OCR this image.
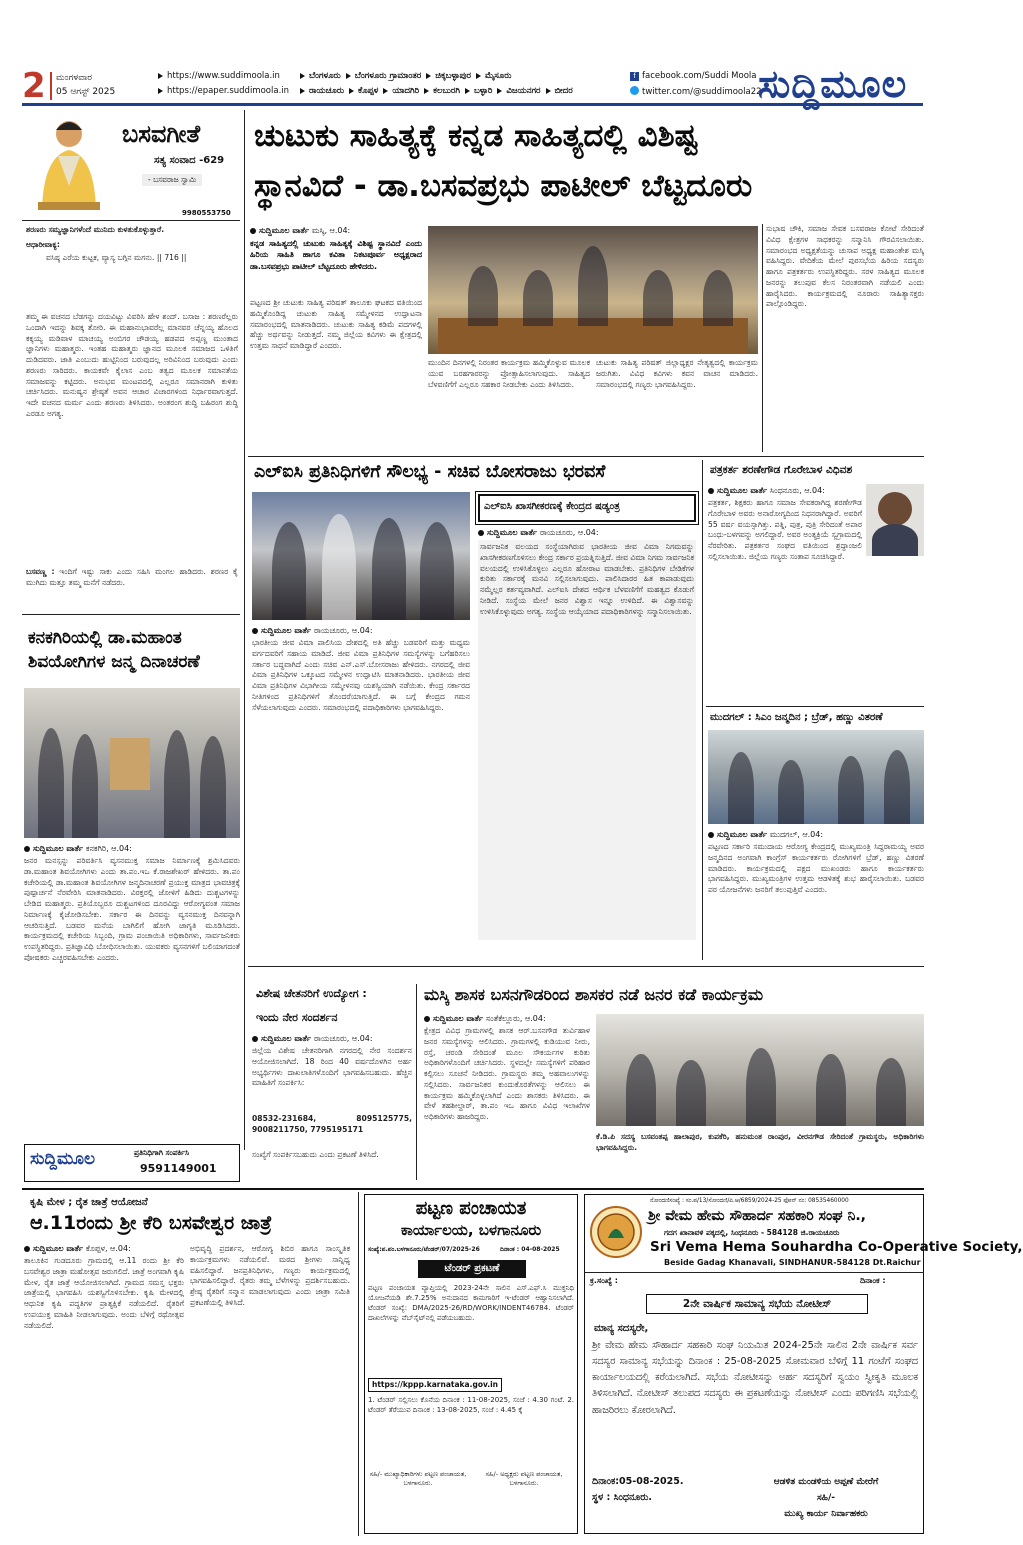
2 ಮಂಗಳವಾರ
05 ಆಗಸ್ಟ್ 2025
https://www.suddimoola.in
https://epaper.suddimoola.in
ಬೆಂಗಳೂರು ಬೆಂಗಳೂರು ಗ್ರಾಮಾಂತರ ಚಿಕ್ಕಬಳ್ಳಾಪುರ ಮೈಸೂರು
ರಾಯಚೂರು ಕೊಪ್ಪಳ ಯಾದಗಿರಿ ಕಲಬುರಗಿ ಬಳ್ಳಾರಿ ವಿಜಯನಗರ ಬೀದರ
f facebook.com/Suddi Moola
twitter.com/@suddimoola22
ಸುದ್ದಿಮೂಲ
ಬಸವಗೀತೆ
ಸತ್ಯ ಸಂವಾದ -629
- ಬಸವರಾಜ ಸ್ವಾಮಿ
9980553750
ಶರಣರು ಸಮ್ಯಜ್ಞಾನಿಗಳೆಂದೆ ಮುನಿದು ಕುಳತುಕೊಳ್ಳುತ್ತಾರೆ.
ಆಧಾರೀವಾಕ್ಯ:
ವಸಿಷ್ಠ ಎರೆಯ ಕುಟ್ಟಕ, ವ್ಯಾಸ್ಯ ಬಗ್ಗಿನ ಮಗನು. || 716 ||
ತಮ್ಮ ಈ ವಚನದ ಬೆಡಗನ್ನು ದಯವಿಟ್ಟು ವಿವರಿಸಿ ಹೇಳ ಶಂದ್. ಬಸಾಜ : ಶರಣರೆಲ್ಲರು ಒಂದಾಗಿ ಇದನ್ನು ಶಿವಕ್ಕ ತೋರಿ. ಈ ಮಹಾನುಭಾವರೆಲ್ಲ ಮಾನವರ ಚೆನ್ನಯ್ಯ ಹೊಲದ ಕಕ್ಕಯ್ಯ ಮಡಿವಾಳ ಮಾಚಯ್ಯ ಅಂಬಿಗರ ಚೌಡಯ್ಯ ಹಡಪದ ಅಪ್ಪಣ್ಣ ಮುಂತಾದ ಜ್ಞಾನಿಗಳು ಮಹಾತ್ಮರು. ಇಂತಹ ಮಹಾತ್ಮರು ಜ್ಞಾನದ ಮೂಲಕ ಸಮಾಜದ ಒಳಿತಿಗೆ ದುಡಿದವರು. ಜಾತಿ ಎಂಬುದು ಹುಟ್ಟಿನಿಂದ ಬರುವುದಲ್ಲ ಅರಿವಿನಿಂದ ಬರುವುದು ಎಂದು ಶರಣರು ಸಾರಿದರು. ಕಾಯಕವೇ ಕೈಲಾಸ ಎಂಬ ತತ್ವದ ಮೂಲಕ ಸಮಾನತೆಯ ಸಮಾಜವನ್ನು ಕಟ್ಟಿದರು. ಅನುಭವ ಮಂಟಪದಲ್ಲಿ ಎಲ್ಲರೂ ಸಮಾನರಾಗಿ ಕುಳಿತು ಚರ್ಚಿಸಿದರು. ಮನುಷ್ಯನ ಶ್ರೇಷ್ಠತೆ ಅವನ ಆಚಾರ ವಿಚಾರಗಳಿಂದ ನಿರ್ಧಾರವಾಗುತ್ತದೆ. ಇದೇ ವಚನದ ಮರ್ಮ ಎಂದು ಶರಣರು ತಿಳಿಸಿದರು. ಅಂತರಂಗ ಶುದ್ಧಿ ಬಹಿರಂಗ ಶುದ್ಧಿ ಎರಡೂ ಅಗತ್ಯ.
ಬಸವಣ್ಣ : ಇಂದಿಗೆ ಇಷ್ಟು ಸಾಕು ಎಂದು ಸಹಿಸಿ ಮಂಗಲ ಹಾಡಿದರು. ಶರಣರ ಕೈ ಮುಗಿದು ಮತ್ತೂ ತಮ್ಮ ಮನೆಗೆ ನಡೆದರು.
ಚುಟುಕು ಸಾಹಿತ್ಯಕ್ಕೆ ಕನ್ನಡ ಸಾಹಿತ್ಯದಲ್ಲಿ ವಿಶಿಷ್ಟ
ಸ್ಥಾನವಿದೆ - ಡಾ.ಬಸವಪ್ರಭು ಪಾಟೀಲ್ ಬೆಟ್ಟದೂರು
ಸುದ್ದಿಮೂಲ ವಾರ್ತೆ ಮಸ್ಕಿ, ಆ.04:
ಕನ್ನಡ ಸಾಹಿತ್ಯದಲ್ಲಿ ಚುಟುಕು ಸಾಹಿತ್ಯಕ್ಕೆ ವಿಶಿಷ್ಟ ಸ್ಥಾನವಿದೆ ಎಂದು ಹಿರಿಯ ಸಾಹಿತಿ ಹಾಗೂ ಕವಿತಾ ನಿಕಟಪೂರ್ವ ಅಧ್ಯಕ್ಷರಾದ ಡಾ.ಬಸವಪ್ರಭು ಪಾಟೀಲ್ ಬೆಟ್ಟದೂರು ಹೇಳಿದರು.
ಪಟ್ಟಣದ ಶ್ರೀ ಚುಟುಕು ಸಾಹಿತ್ಯ ಪರಿಷತ್ ತಾಲೂಕು ಘಟಕದ ವತಿಯಿಂದ ಹಮ್ಮಿಕೊಂಡಿದ್ದ ಚುಟುಕು ಸಾಹಿತ್ಯ ಸಮ್ಮೇಳನದ ಉದ್ಘಾಟನಾ ಸಮಾರಂಭದಲ್ಲಿ ಮಾತನಾಡಿದರು. ಚುಟುಕು ಸಾಹಿತ್ಯ ಕಡಿಮೆ ಪದಗಳಲ್ಲಿ ಹೆಚ್ಚು ಅರ್ಥವನ್ನು ನೀಡುತ್ತದೆ. ನಮ್ಮ ಜಿಲ್ಲೆಯ ಕವಿಗಳು ಈ ಕ್ಷೇತ್ರದಲ್ಲಿ ಉತ್ತಮ ಸಾಧನೆ ಮಾಡಿದ್ದಾರೆ ಎಂದರು.
ಮುಂದಿನ ದಿನಗಳಲ್ಲಿ ನಿರಂತರ ಕಾರ್ಯಕ್ರಮ ಹಮ್ಮಿಕೊಳ್ಳುವ ಮೂಲಕ ಯುವ ಬರಹಗಾರರನ್ನು ಪ್ರೋತ್ಸಾಹಿಸಲಾಗುವುದು. ಸಾಹಿತ್ಯದ ಬೆಳವಣಿಗೆಗೆ ಎಲ್ಲರೂ ಸಹಕಾರ ನೀಡಬೇಕು ಎಂದು ತಿಳಿಸಿದರು.
ಚುಟುಕು ಸಾಹಿತ್ಯ ಪರಿಷತ್ ಜಿಲ್ಲಾಧ್ಯಕ್ಷರ ನೇತೃತ್ವದಲ್ಲಿ ಕಾರ್ಯಕ್ರಮ ಜರುಗಿತು. ವಿವಿಧ ಕವಿಗಳು ಕವನ ವಾಚನ ಮಾಡಿದರು. ಸಮಾರಂಭದಲ್ಲಿ ಗಣ್ಯರು ಭಾಗವಹಿಸಿದ್ದರು.
ಸುಭಾಷ ಚೌಕಿ, ಸಮಾಜ ಸೇವಕ ಬಸವರಾಜ ಕೋಟೆ ಸೇರಿದಂತೆ ವಿವಿಧ ಕ್ಷೇತ್ರಗಳ ಸಾಧಕರನ್ನು ಸನ್ಮಾನಿಸಿ ಗೌರವಿಸಲಾಯಿತು. ಸಮಾರಂಭದ ಅಧ್ಯಕ್ಷತೆಯನ್ನು ಚುಸಾಪ ಅಧ್ಯಕ್ಷ ಮಹಾಂತೇಶ ಮಸ್ಕಿ ವಹಿಸಿದ್ದರು. ವೇದಿಕೆಯ ಮೇಲೆ ಪುರಸಭೆಯ ಹಿರಿಯ ಸದಸ್ಯರು ಹಾಗೂ ಪತ್ರಕರ್ತರು ಉಪಸ್ಥಿತರಿದ್ದರು. ಸರಳ ಸಾಹಿತ್ಯದ ಮೂಲಕ ಜನರನ್ನು ತಲುಪುವ ಕೆಲಸ ನಿರಂತರವಾಗಿ ನಡೆಯಲಿ ಎಂದು ಹಾರೈಸಿದರು. ಕಾರ್ಯಕ್ರಮದಲ್ಲಿ ನೂರಾರು ಸಾಹಿತ್ಯಾಸಕ್ತರು ಪಾಲ್ಗೊಂಡಿದ್ದರು.
ಎಲ್ಐಸಿ ಪ್ರತಿನಿಧಿಗಳಿಗೆ ಸೌಲಭ್ಯ - ಸಚಿವ ಬೋಸರಾಜು ಭರವಸೆ
ಸುದ್ದಿಮೂಲ ವಾರ್ತೆ ರಾಯಚೂರು, ಆ.04:
ಭಾರತೀಯ ಜೀವ ವಿಮಾ ಪಾಲಿಸಿಯ ದೇಶದಲ್ಲಿ ಅತಿ ಹೆಚ್ಚು ಬಡವರಿಗೆ ಮತ್ತು ಮಧ್ಯಮ ವರ್ಗದವರಿಗೆ ಸಹಾಯ ಮಾಡಿದೆ. ಜೀವ ವಿಮಾ ಪ್ರತಿನಿಧಿಗಳ ಸಮಸ್ಯೆಗಳನ್ನು ಬಗೆಹರಿಸಲು ಸರ್ಕಾರ ಬದ್ಧವಾಗಿದೆ ಎಂದು ಸಚಿವ ಎನ್.ಎಸ್.ಬೋಸರಾಜು ಹೇಳಿದರು. ನಗರದಲ್ಲಿ ಜೀವ ವಿಮಾ ಪ್ರತಿನಿಧಿಗಳ ಒಕ್ಕೂಟದ ಸಮ್ಮೇಳನ ಉದ್ಘಾಟಿಸಿ ಮಾತನಾಡಿದರು. ಭಾರತೀಯ ಜೀವ ವಿಮಾ ಪ್ರತಿನಿಧಿಗಳ ವಿಭಾಗೀಯ ಸಮ್ಮೇಳನವು ಯಶಸ್ವಿಯಾಗಿ ನಡೆಯಿತು. ಕೇಂದ್ರ ಸರ್ಕಾರದ ನೀತಿಗಳಿಂದ ಪ್ರತಿನಿಧಿಗಳಿಗೆ ತೊಂದರೆಯಾಗುತ್ತಿದೆ. ಈ ಬಗ್ಗೆ ಕೇಂದ್ರದ ಗಮನ ಸೆಳೆಯಲಾಗುವುದು ಎಂದರು. ಸಮಾರಂಭದಲ್ಲಿ ಪದಾಧಿಕಾರಿಗಳು ಭಾಗವಹಿಸಿದ್ದರು.
ಎಲ್ಐಸಿ ಖಾಸಗೀಕರಣಕ್ಕೆ ಕೇಂದ್ರದ ಷಡ್ಯಂತ್ರ
ಸುದ್ದಿಮೂಲ ವಾರ್ತೆ ರಾಯಚೂರು, ಆ.04:
ಸಾರ್ವಜನಿಕ ವಲಯದ ಸಂಸ್ಥೆಯಾಗಿರುವ ಭಾರತೀಯ ಜೀವ ವಿಮಾ ನಿಗಮವನ್ನು ಖಾಸಗೀಕರಣಗೊಳಿಸಲು ಕೇಂದ್ರ ಸರ್ಕಾರ ಪ್ರಯತ್ನಿಸುತ್ತಿದೆ. ಜೀವ ವಿಮಾ ನಿಗಮ ಸಾರ್ವಜನಿಕ ವಲಯದಲ್ಲಿ ಉಳಿಸಿಕೊಳ್ಳಲು ಎಲ್ಲರೂ ಹೋರಾಟ ಮಾಡಬೇಕು. ಪ್ರತಿನಿಧಿಗಳ ಬೇಡಿಕೆಗಳ ಕುರಿತು ಸರ್ಕಾರಕ್ಕೆ ಮನವಿ ಸಲ್ಲಿಸಲಾಗುವುದು. ಪಾಲಿಸಿದಾರರ ಹಿತ ಕಾಪಾಡುವುದು ನಮ್ಮೆಲ್ಲರ ಕರ್ತವ್ಯವಾಗಿದೆ. ಎಲ್ಐಸಿ ದೇಶದ ಆರ್ಥಿಕ ಬೆಳವಣಿಗೆಗೆ ಮಹತ್ವದ ಕೊಡುಗೆ ನೀಡಿದೆ. ಸಂಸ್ಥೆಯ ಮೇಲೆ ಜನರ ವಿಶ್ವಾಸ ಇನ್ನೂ ಉಳಿದಿದೆ. ಈ ವಿಶ್ವಾಸವನ್ನು ಉಳಿಸಿಕೊಳ್ಳುವುದು ಅಗತ್ಯ. ಸಂಸ್ಥೆಯ ಆಯ್ಕೆಯಾದ ಪದಾಧಿಕಾರಿಗಳನ್ನು ಸನ್ಮಾನಿಸಲಾಯಿತು.
ಪತ್ರಕರ್ತ ಶರಣೇಗೌಡ ಗೊರೇಬಾಳ ವಿಧಿವಶ
ಸುದ್ದಿಮೂಲ ವಾರ್ತೆ ಸಿಂಧನೂರು, ಆ.04:
ಪತ್ರಕರ್ತ, ಶಿಕ್ಷಕರು ಹಾಗೂ ಸಮಾಜ ಸೇವಕರಾಗಿದ್ದ ಶರಣೇಗೌಡ ಗೊರೇಬಾಳ ಅವರು ಅನಾರೋಗ್ಯದಿಂದ ನಿಧನರಾಗಿದ್ದಾರೆ. ಅವರಿಗೆ 55 ವರ್ಷ ವಯಸ್ಸಾಗಿತ್ತು. ಪತ್ನಿ, ಪುತ್ರ, ಪುತ್ರಿ ಸೇರಿದಂತೆ ಅಪಾರ ಬಂಧು-ಬಳಗವನ್ನು ಅಗಲಿದ್ದಾರೆ. ಅವರ ಅಂತ್ಯಕ್ರಿಯೆ ಸ್ವಗ್ರಾಮದಲ್ಲಿ ನೆರವೇರಿತು. ಪತ್ರಕರ್ತರ ಸಂಘದ ವತಿಯಿಂದ ಶ್ರದ್ಧಾಂಜಲಿ ಸಲ್ಲಿಸಲಾಯಿತು. ಜಿಲ್ಲೆಯ ಗಣ್ಯರು ಸಂತಾಪ ಸೂಚಿಸಿದ್ದಾರೆ.
ಮುದಗಲ್ : ಸಿಎಂ ಜನ್ಮದಿನ ; ಬ್ರೆಡ್, ಹಣ್ಣು ವಿತರಣೆ
ಸುದ್ದಿಮೂಲ ವಾರ್ತೆ ಮುದಗಲ್, ಆ.04:
ಪಟ್ಟಣದ ಸರ್ಕಾರಿ ಸಮುದಾಯ ಆರೋಗ್ಯ ಕೇಂದ್ರದಲ್ಲಿ ಮುಖ್ಯಮಂತ್ರಿ ಸಿದ್ದರಾಮಯ್ಯ ಅವರ ಜನ್ಮದಿನದ ಅಂಗವಾಗಿ ಕಾಂಗ್ರೆಸ್ ಕಾರ್ಯಕರ್ತರು ರೋಗಿಗಳಿಗೆ ಬ್ರೆಡ್, ಹಣ್ಣು ವಿತರಣೆ ಮಾಡಿದರು. ಕಾರ್ಯಕ್ರಮದಲ್ಲಿ ಪಕ್ಷದ ಮುಖಂಡರು ಹಾಗೂ ಕಾರ್ಯಕರ್ತರು ಭಾಗವಹಿಸಿದ್ದರು. ಮುಖ್ಯಮಂತ್ರಿಗಳ ಉತ್ತಮ ಆಡಳಿತಕ್ಕೆ ಶುಭ ಹಾರೈಸಲಾಯಿತು. ಬಡವರ ಪರ ಯೋಜನೆಗಳು ಜನರಿಗೆ ತಲುಪುತ್ತಿವೆ ಎಂದರು.
ಕನಕಗಿರಿಯಲ್ಲಿ ಡಾ.ಮಹಾಂತ
ಶಿವಯೋಗಿಗಳ ಜನ್ಮ ದಿನಾಚರಣೆ
ಸುದ್ದಿಮೂಲ ವಾರ್ತೆ ಕನಕಗಿರಿ, ಆ.04:
ಜನರ ಮನಸ್ಸನ್ನು ಪರಿವರ್ತಿಸಿ ವ್ಯಸನಮುಕ್ತ ಸಮಾಜ ನಿರ್ಮಾಣಕ್ಕೆ ಶ್ರಮಿಸಿದವರು ಡಾ.ಮಹಾಂತ ಶಿವಯೋಗಿಗಳು ಎಂದು ತಾ.ಪಂ.ಇಒ ಕೆ.ರಾಜಶೇಖರ್ ಹೇಳಿದರು. ತಾ.ಪಂ ಕಚೇರಿಯಲ್ಲಿ ಡಾ.ಮಹಾಂತ ಶಿವಯೋಗಿಗಳ ಜನ್ಮದಿನಾಚರಣೆ ಪ್ರಯುಕ್ತ ಮಾತ್ರದ ಭಾವಚಿತ್ರಕ್ಕೆ ಪುಷ್ಪಾರ್ಚನೆ ನೆರವೇರಿಸಿ ಮಾತನಾಡಿದರು. ವಿರಕ್ತರಲ್ಲಿ ಜೋಳಿಗೆ ಹಿಡಿದು ದುಶ್ಚಟಗಳನ್ನು ಬೇಡಿದ ಮಹಾತ್ಮರು. ಪ್ರತಿಯೊಬ್ಬರೂ ದುಶ್ಚಟಗಳಿಂದ ದೂರವಿದ್ದು ಆರೋಗ್ಯವಂತ ಸಮಾಜ ನಿರ್ಮಾಣಕ್ಕೆ ಕೈಜೋಡಿಸಬೇಕು. ಸರ್ಕಾರ ಈ ದಿನವನ್ನು ವ್ಯಸನಮುಕ್ತ ದಿನವನ್ನಾಗಿ ಆಚರಿಸುತ್ತಿದೆ. ಬಡವರ ಮನೆಯ ಬಾಗಿಲಿಗೆ ಹೋಗಿ ಜಾಗೃತಿ ಮೂಡಿಸಿದರು. ಕಾರ್ಯಕ್ರಮದಲ್ಲಿ ಕಚೇರಿಯ ಸಿಬ್ಬಂದಿ, ಗ್ರಾಮ ಪಂಚಾಯಿತಿ ಅಧಿಕಾರಿಗಳು, ಸಾರ್ವಜನಿಕರು ಉಪಸ್ಥಿತರಿದ್ದರು. ಪ್ರತಿಜ್ಞಾವಿಧಿ ಬೋಧಿಸಲಾಯಿತು. ಯುವಕರು ವ್ಯಸನಗಳಿಗೆ ಬಲಿಯಾಗದಂತೆ ಪೋಷಕರು ಎಚ್ಚರವಹಿಸಬೇಕು ಎಂದರು.
ಸುದ್ದಿಮೂಲ	ಪ್ರತಿನಿಧಿಗಾಗಿ ಸಂಪರ್ಕಿಸಿ
9591149001
ವಿಶೇಷ ಚೇತನರಿಗೆ ಉದ್ಯೋಗ :
ಇಂದು ನೇರ ಸಂದರ್ಶನ
ಸುದ್ದಿಮೂಲ ವಾರ್ತೆ ರಾಯಚೂರು, ಆ.04:
ಜಿಲ್ಲೆಯ ವಿಶೇಷ ಚೇತನರಿಗಾಗಿ ನಗರದಲ್ಲಿ ನೇರ ಸಂದರ್ಶನ ಆಯೋಜಿಸಲಾಗಿದೆ. 18 ರಿಂದ 40 ವರ್ಷದೊಳಗಿನ ಅರ್ಹ ಅಭ್ಯರ್ಥಿಗಳು ದಾಖಲಾತಿಗಳೊಂದಿಗೆ ಭಾಗವಹಿಸಬಹುದು. ಹೆಚ್ಚಿನ ಮಾಹಿತಿಗೆ ಸಂಪರ್ಕಿಸಿ:
08532-231684, 8095125775, 9008211750, 7795195171
ಸಂಖ್ಯೆಗೆ ಸಂಪರ್ಕಿಸಬಹುದು ಎಂದು ಪ್ರಕಟಣೆ ತಿಳಿಸಿದೆ.
ಮಸ್ಕಿ ಶಾಸಕ ಬಸನಗೌಡರಿಂದ ಶಾಸಕರ ನಡೆ ಜನರ ಕಡೆ ಕಾರ್ಯಕ್ರಮ
ಸುದ್ದಿಮೂಲ ವಾರ್ತೆ ಸಂತೆಕೆಲ್ಲೂರು, ಆ.04:
ಕ್ಷೇತ್ರದ ವಿವಿಧ ಗ್ರಾಮಗಳಲ್ಲಿ ಶಾಸಕ ಆರ್.ಬಸನಗೌಡ ತುರ್ವಿಹಾಳ ಜನರ ಸಮಸ್ಯೆಗಳನ್ನು ಆಲಿಸಿದರು. ಗ್ರಾಮಗಳಲ್ಲಿ ಕುಡಿಯುವ ನೀರು, ರಸ್ತೆ, ಚರಂಡಿ ಸೇರಿದಂತೆ ಮೂಲ ಸೌಕರ್ಯಗಳ ಕುರಿತು ಅಧಿಕಾರಿಗಳೊಂದಿಗೆ ಚರ್ಚಿಸಿದರು. ಸ್ಥಳದಲ್ಲೇ ಸಮಸ್ಯೆಗಳಿಗೆ ಪರಿಹಾರ ಕಲ್ಪಿಸಲು ಸೂಚನೆ ನೀಡಿದರು. ಗ್ರಾಮಸ್ಥರು ತಮ್ಮ ಅಹವಾಲುಗಳನ್ನು ಸಲ್ಲಿಸಿದರು. ಸಾರ್ವಜನಿಕರ ಕುಂದುಕೊರತೆಗಳನ್ನು ಆಲಿಸಲು ಈ ಕಾರ್ಯಕ್ರಮ ಹಮ್ಮಿಕೊಳ್ಳಲಾಗಿದೆ ಎಂದು ಶಾಸಕರು ತಿಳಿಸಿದರು. ಈ ವೇಳೆ ತಹಶೀಲ್ದಾರ್, ತಾ.ಪಂ ಇಒ ಹಾಗೂ ವಿವಿಧ ಇಲಾಖೆಗಳ ಅಧಿಕಾರಿಗಳು ಹಾಜರಿದ್ದರು.
ಕೆ.ಡಿ.ಪಿ ಸದಸ್ಯ ಬಸವಂತಪ್ಪ ಹಾಲಾಪುರ, ಕುಪಕೆರಿ, ಹನುಮಂತ ರಾಂಪುರ, ವೀರನಗೌಡ ಸೇರಿದಂತೆ ಗ್ರಾಮಸ್ಥರು, ಅಧಿಕಾರಿಗಳು ಭಾಗವಹಿಸಿದ್ದರು.
ಕೃಷಿ ಮೇಳ ; ರೈತ ಜಾತ್ರೆ ಆಯೋಜನೆ
ಆ.11ರಂದು ಶ್ರೀ ಕೆರಿ ಬಸವೇಶ್ವರ ಜಾತ್ರೆ
ಸುದ್ದಿಮೂಲ ವಾರ್ತೆ ಕೊಪ್ಪಳ, ಆ.04:
ತಾಲೂಕಿನ ಗುಡದೂರು ಗ್ರಾಮದಲ್ಲಿ ಆ.11 ರಂದು ಶ್ರೀ ಕೆರಿ ಬಸವೇಶ್ವರ ಜಾತ್ರಾ ಮಹೋತ್ಸವ ಜರುಗಲಿದೆ. ಜಾತ್ರೆ ಅಂಗವಾಗಿ ಕೃಷಿ ಮೇಳ, ರೈತ ಜಾತ್ರೆ ಆಯೋಜಿಸಲಾಗಿದೆ. ಗ್ರಾಮದ ಸಮಸ್ತ ಭಕ್ತರು ಜಾತ್ರೆಯಲ್ಲಿ ಭಾಗವಹಿಸಿ ಯಶಸ್ವಿಗೊಳಿಸಬೇಕು. ಕೃಷಿ ಮೇಳದಲ್ಲಿ ಆಧುನಿಕ ಕೃಷಿ ಪದ್ಧತಿಗಳ ಪ್ರಾತ್ಯಕ್ಷಿಕೆ ನಡೆಯಲಿದೆ. ರೈತರಿಗೆ ಉಪಯುಕ್ತ ಮಾಹಿತಿ ನೀಡಲಾಗುವುದು. ಅಂದು ಬೆಳಿಗ್ಗೆ ರಥೋತ್ಸವ ನಡೆಯಲಿದೆ.
ಅಭಿವೃದ್ಧಿ ಪ್ರದರ್ಶನ, ಆರೋಗ್ಯ ಶಿಬಿರ ಹಾಗೂ ಸಾಂಸ್ಕೃತಿಕ ಕಾರ್ಯಕ್ರಮಗಳು ನಡೆಯಲಿವೆ. ಮಠದ ಶ್ರೀಗಳು ಸಾನ್ನಿಧ್ಯ ವಹಿಸಲಿದ್ದಾರೆ. ಜನಪ್ರತಿನಿಧಿಗಳು, ಗಣ್ಯರು ಕಾರ್ಯಕ್ರಮದಲ್ಲಿ ಭಾಗವಹಿಸಲಿದ್ದಾರೆ. ರೈತರು ತಮ್ಮ ಬೆಳೆಗಳನ್ನು ಪ್ರದರ್ಶಿಸಬಹುದು. ಶ್ರೇಷ್ಠ ರೈತರಿಗೆ ಸನ್ಮಾನ ಮಾಡಲಾಗುವುದು ಎಂದು ಜಾತ್ರಾ ಸಮಿತಿ ಪ್ರಕಟಣೆಯಲ್ಲಿ ತಿಳಿಸಿದೆ.
ಪಟ್ಟಣ ಪಂಚಾಯತ
ಕಾರ್ಯಾಲಯ, ಬಳಗಾನೂರು
ಸಂಖ್ಯೆ:ಪ.ಪಂ.ಬಳಗಾನೂರು/ಟೆಂಡರ್/07/2025-26	ದಿನಾಂಕ : 04-08-2025
ಟೆಂಡರ್ ಪ್ರಕಟಣೆ
ಪಟ್ಟಣ ಪಂಚಾಯತ ವ್ಯಾಪ್ತಿಯಲ್ಲಿ 2023-24ನೇ ಸಾಲಿನ ಎಸ್.ಎಫ್.ಸಿ ಮುಕ್ತನಿಧಿ ಯೋಜನೆಯಡಿ ಶೇ.7.25% ಅನುದಾನದ ಕಾಮಗಾರಿಗೆ ಇ-ಟೆಂಡರ್ ಆಹ್ವಾನಿಸಲಾಗಿದೆ. ಟೆಂಡರ್ ಸಂಖ್ಯೆ: DMA/2025-26/RD/WORK/INDENT46784. ಟೆಂಡರ್ ದಾಖಲೆಗಳನ್ನು ವೆಬ್‌ಸೈಟ್‌ನಲ್ಲಿ ಪಡೆಯಬಹುದು.
https://kppp.karnataka.gov.in
1. ಟೆಂಡರ್ ಸಲ್ಲಿಸಲು ಕೊನೆಯ ದಿನಾಂಕ : 11-08-2025, ಸಂಜೆ : 4.30 ಗಂಟೆ. 2. ಟೆಂಡರ್ ತೆರೆಯುವ ದಿನಾಂಕ : 13-08-2025, ಸಂಜೆ : 4.45 ಕ್ಕೆ
ಸಹಿ/- ಮುಖ್ಯಾಧಿಕಾರಿಗಳು ಪಟ್ಟಣ ಪಂಚಾಯತ, ಬಳಗಾನೂರು.
ಸಹಿ/- ಅಧ್ಯಕ್ಷರು ಪಟ್ಟಣ ಪಂಚಾಯತ, ಬಳಗಾನೂರು.
ನೋಂದಣಿಸಂಖ್ಯೆ : ಸಂ.ಪ/13/ಸೋಂದಣಿ/ಪಿ.ಆ/6859/2024-25 ಫೋನ್ ನಂ: 08535460000
ಶ್ರೀ ವೇಮ ಹೇಮ ಸೌಹಾರ್ದ ಸಹಕಾರಿ ಸಂಘ ನಿ.,
ಗದಗ ಖಾನಾವಳಿ ಪಕ್ಕದಲ್ಲಿ, ಸಿಂಧನೂರು - 584128 ಜಿ.ರಾಯಚೂರು
Sri Vema Hema Souhardha Co-Operative Society,
Beside Gadag Khanavali, SINDHANUR-584128 Dt.Raichur
ಕ್ರ.ಸಂಖ್ಯೆ :	ದಿನಾಂಕ :
2ನೇ ವಾರ್ಷಿಕ ಸಾಮಾನ್ಯ ಸಭೆಯ ನೋಟೀಸ್
ಮಾನ್ಯ ಸದಸ್ಯರೇ,
ಶ್ರೀ ವೇಮ ಹೇಮ ಸೌಹಾರ್ದ ಸಹಕಾರಿ ಸಂಘ ನಿಯಮಿತ 2024-25ನೇ ಸಾಲಿನ 2ನೇ ವಾರ್ಷಿಕ ಸರ್ವ ಸದಸ್ಯರ ಸಾಮಾನ್ಯ ಸಭೆಯನ್ನು ದಿನಾಂಕ : 25-08-2025 ಸೋಮವಾರ ಬೆಳಿಗ್ಗೆ 11 ಗಂಟೆಗೆ ಸಂಘದ ಕಾರ್ಯಾಲಯದಲ್ಲಿ ಕರೆಯಲಾಗಿದೆ. ಸಭೆಯ ನೋಟೀಸನ್ನು ಅರ್ಹ ಸದಸ್ಯರಿಗೆ ಸ್ವಯಂ ಸ್ವೀಕೃತಿ ಮೂಲಕ ತಿಳಿಸಲಾಗಿದೆ. ನೋಟೀಸ್ ತಲುಪದ ಸದಸ್ಯರು ಈ ಪ್ರಕಟಣೆಯನ್ನು ನೋಟೀಸ್ ಎಂದು ಪರಿಗಣಿಸಿ ಸಭೆಯಲ್ಲಿ ಹಾಜರಿರಲು ಕೋರಲಾಗಿದೆ.
ದಿನಾಂಕ:05-08-2025.
ಸ್ಥಳ : ಸಿಂಧನೂರು.
ಆಡಳಿತ ಮಂಡಳಿಯ ಅಪ್ಪಣೆ ಮೇರೆಗೆ
ಸಹಿ/-
ಮುಖ್ಯ ಕಾರ್ಯ ನಿರ್ವಾಹಕರು
